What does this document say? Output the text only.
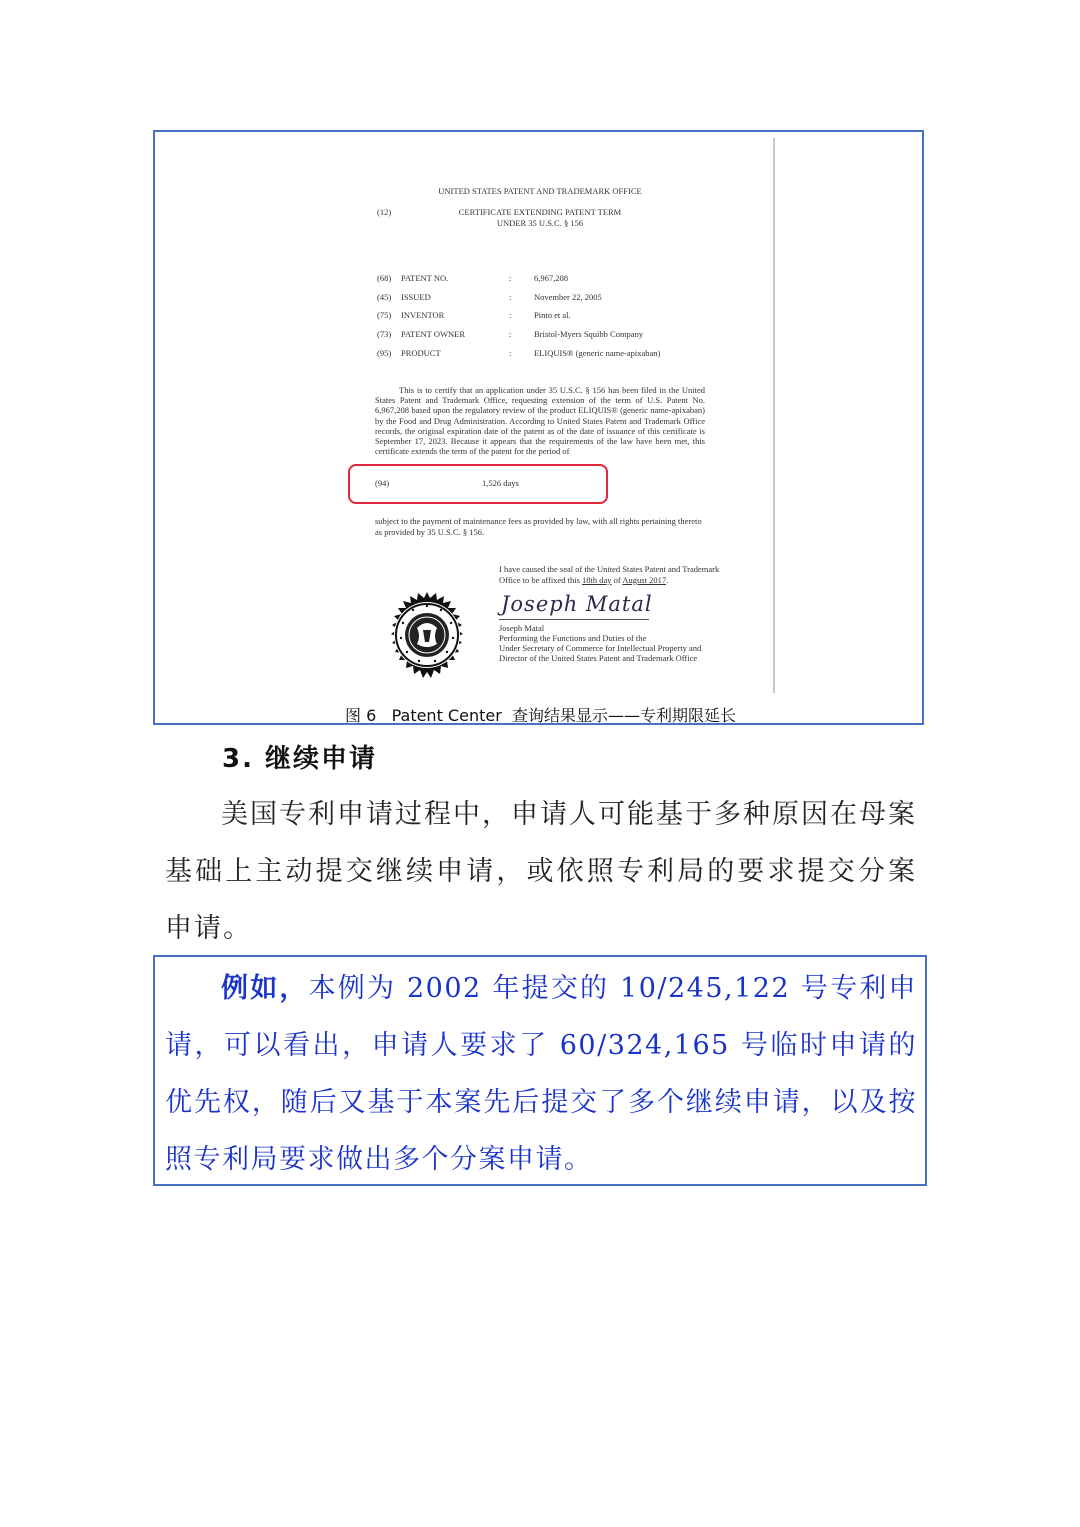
UNITED STATES PATENT AND TRADEMARK OFFICE
(12)	CERTIFICATE EXTENDING PATENT TERM
UNDER 35 U.S.C. § 156
(68) PATENT NO.	:	6,967,208
(45) ISSUED	:	November 22, 2005
(75) INVENTOR	:	Pinto et al.
(73) PATENT OWNER	:	Bristol-Myers Squibb Company
(95) PRODUCT	:	ELIQUIS® (generic name-apixaban)
This is to certify that an application under 35 U.S.C. § 156 has been filed in the United States Patent and Trademark Office, requesting extension of the term of U.S. Patent No. 6,967,208 based upon the regulatory review of the product ELIQUIS® (generic name-apixaban) by the Food and Drug Administration. According to United States Patent and Trademark Office records, the original expiration date of the patent as of the date of issuance of this certificate is September 17, 2023. Because it appears that the requirements of the law have been met, this certificate extends the term of the patent for the period of
(94)	1,526 days
subject to the payment of maintenance fees as provided by law, with all rights pertaining thereto as provided by 35 U.S.C. § 156.
I have caused the seal of the United States Patent and Trademark Office to be affixed this 18th day of August 2017.
Joseph Matal
Joseph Matal
Performing the Functions and Duties of the
Under Secretary of Commerce for Intellectual Property and
Director of the United States Patent and Trademark Office
图 6 Patent Center  查询结果显示——专利期限延长
3. 继续申请
美国专利申请过程中，申请人可能基于多种原因在母案基础上主动提交继续申请，或依照专利局的要求提交分案申请。
例如，本例为 2002 年提交的 10/245,122 号专利申请，可以看出，申请人要求了 60/324,165 号临时申请的优先权，随后又基于本案先后提交了多个继续申请，以及按照专利局要求做出多个分案申请。
